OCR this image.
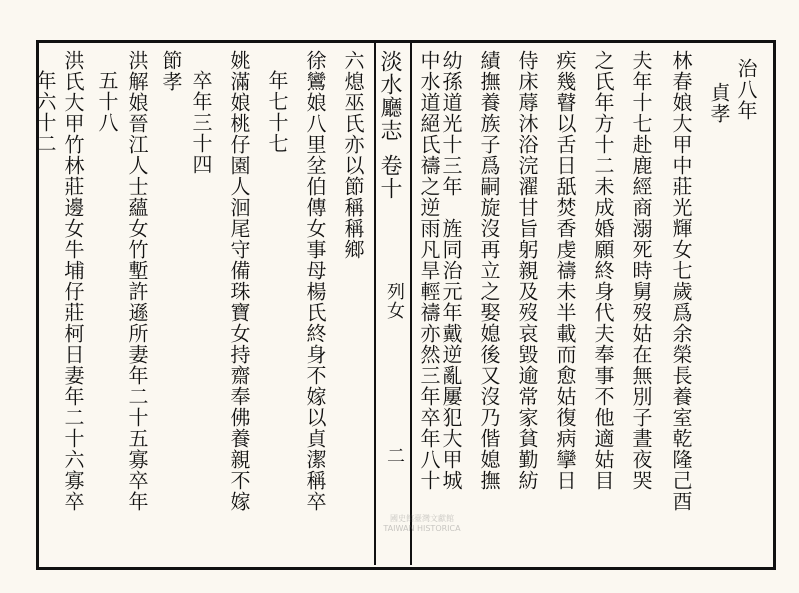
治八年
貞孝
林春娘大甲中莊光輝女七歲爲余榮長養室乾隆己酉
夫年十七赴鹿經商溺死時舅歿姑在無別子晝夜哭
之氏年方十二未成婚願終身代夫奉事不他適姑目
疾幾瞽以舌日舐焚香虔禱未半載而愈姑復病攣日
侍床蓐沐浴浣濯甘旨躬親及歿哀毀逾常家貧勤紡
績撫養族子爲嗣旋沒再立之娶媳後又沒乃偕媳撫
幼孫道光十三年　旌同治元年戴逆亂屢犯大甲城
中水道絕氏禱之逆雨凡旱輕禱亦然三年卒年八十
淡水廳志
卷十
列女
二
六熄巫氏亦以節稱稱鄉
徐鸞娘八里坌伯傳女事母楊氏終身不嫁以貞潔稱卒
年七十七
姚滿娘桃仔園人洄尾守備珠寶女持齋奉佛養親不嫁
卒年三十四
節孝
洪解娘晉江人士蘊女竹塹許遜所妻年二十五寡卒年
五十八
洪氏大甲竹林莊邊女牛埔仔莊柯日妻年二十六寡卒
年六十二
國史館臺灣文獻館
TAIWAN HISTORICA
